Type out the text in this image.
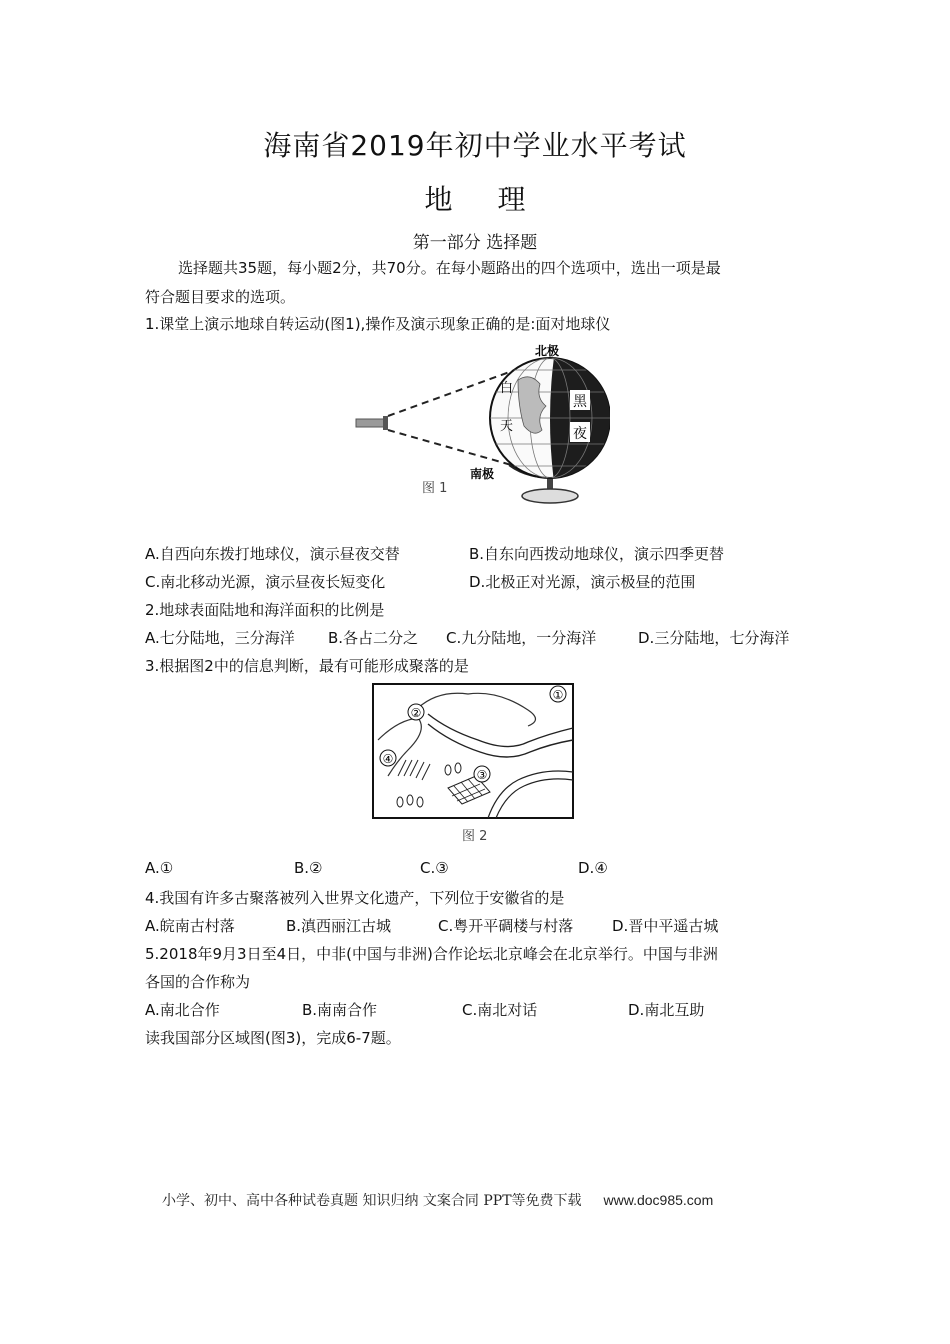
海南省2019年初中学业水平考试
地 理
第一部分 选择题
选择题共35题，每小题2分，共70分。在每小题路出的四个选项中，选出一项是最
符合题目要求的选项。
1.课堂上演示地球自转运动(图1),操作及演示现象正确的是:面对地球仪
黑
夜
白
天
北极
南极
图 1
A.自西向东拨打地球仪，演示昼夜交替	B.自东向西拨动地球仪，演示四季更替
C.南北移动光源，演示昼夜长短变化	D.北极正对光源，演示极昼的范围
2.地球表面陆地和海洋面积的比例是
A.七分陆地，三分海洋 B.各占二分之 C.九分陆地，一分海洋	D.三分陆地，七分海洋
3.根据图2中的信息判断，最有可能形成聚落的是
①
②
③
④
图 2
A.①	B.②	C.③	D.④
4.我国有许多古聚落被列入世界文化遗产，下列位于安徽省的是
A.皖南古村落	B.滇西丽江古城	C.粤开平碉楼与村落	D.晋中平遥古城
5.2018年9月3日至4日，中非(中国与非洲)合作论坛北京峰会在北京举行。中国与非洲
各国的合作称为
A.南北合作	B.南南合作	C.南北对话	D.南北互助
读我国部分区域图(图3)，完成6-7题。
小学、初中、高中各种试卷真题 知识归纳 文案合同 PPT等免费下载 www.doc985.com
